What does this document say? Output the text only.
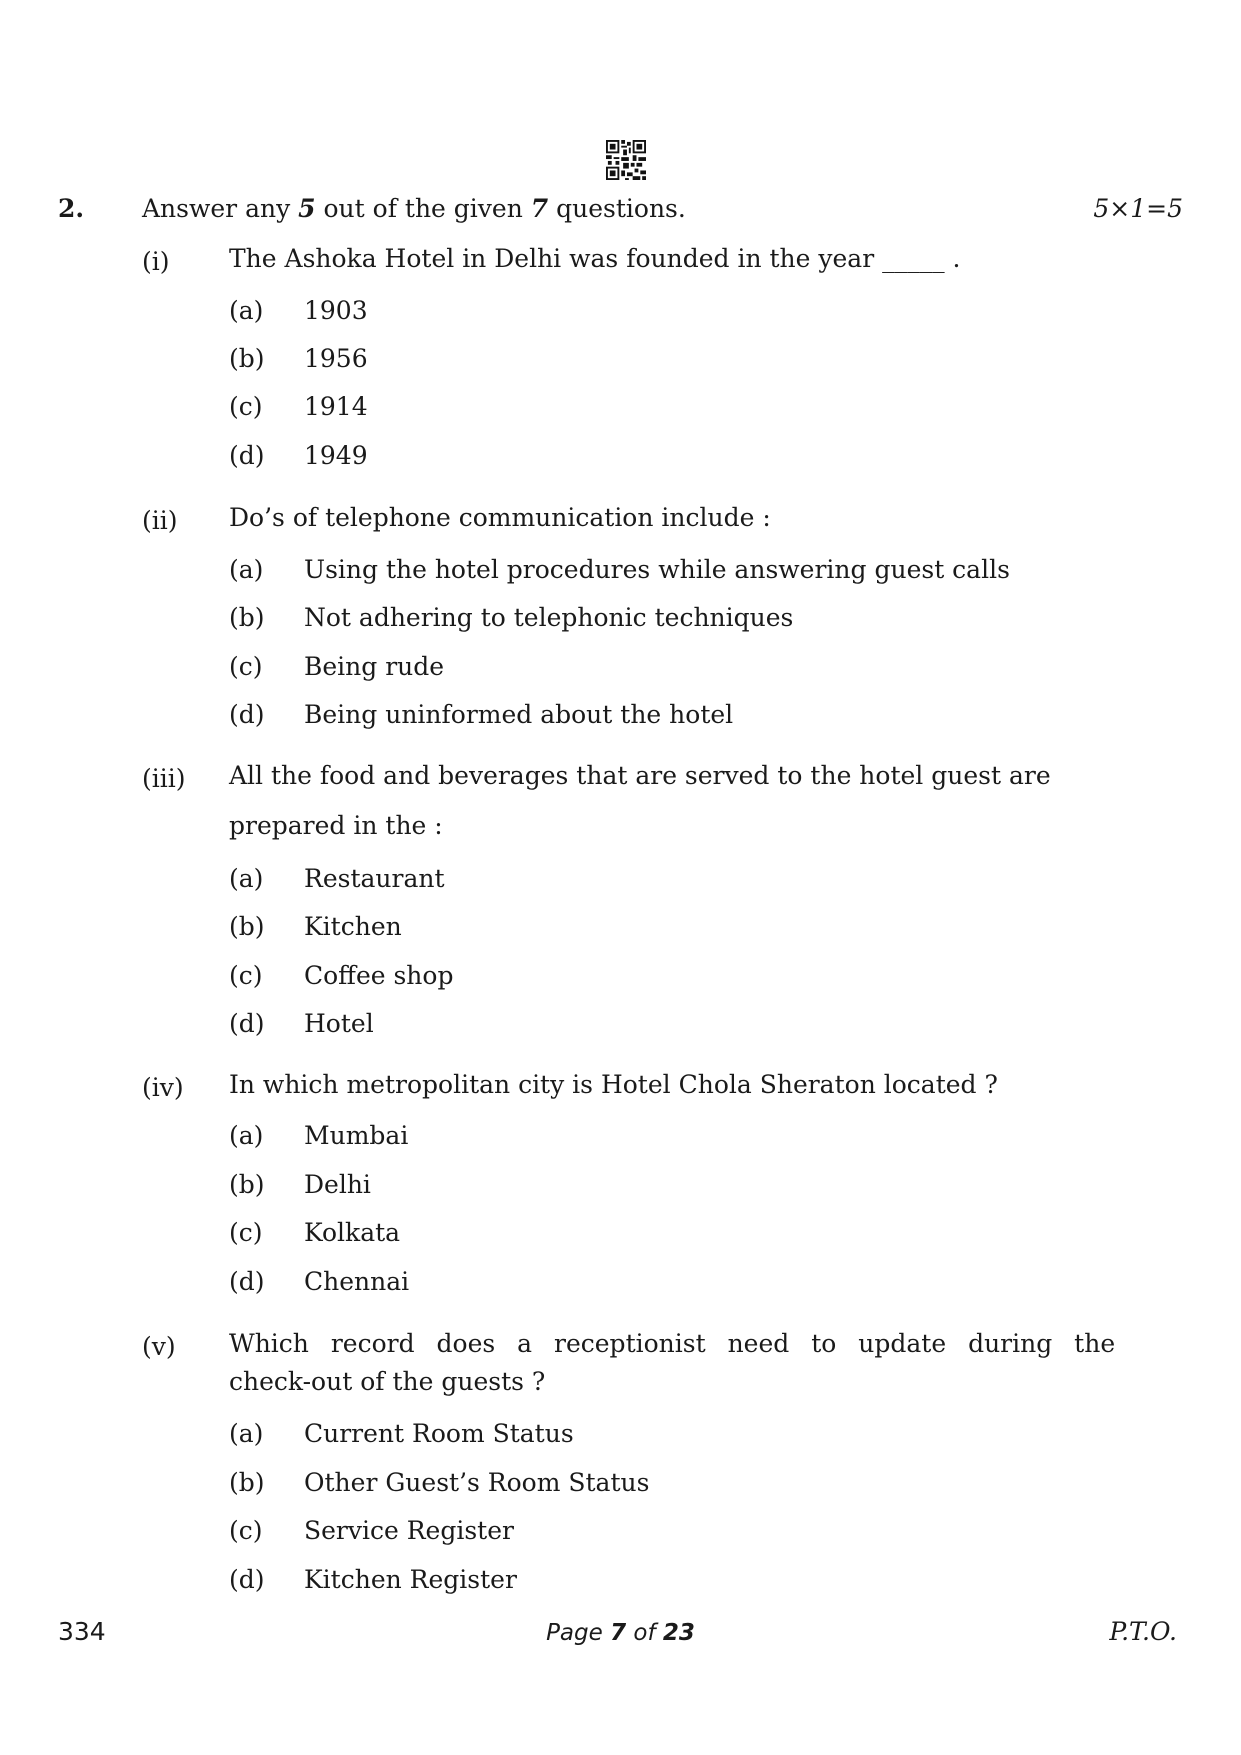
2. Answer any 5 out of the given 7 questions.	5×1=5
(i) The Ashoka Hotel in Delhi was founded in the year _____ .
(a) 1903
(b) 1956
(c) 1914
(d) 1949
(ii) Do’s of telephone communication include :
(a) Using the hotel procedures while answering guest calls
(b) Not adhering to telephonic techniques
(c) Being rude
(d) Being uninformed about the hotel
(iii) All the food and beverages that are served to the hotel guest are
prepared in the :
(a) Restaurant
(b) Kitchen
(c) Coffee shop
(d) Hotel
(iv) In which metropolitan city is Hotel Chola Sheraton located ?
(a) Mumbai
(b) Delhi
(c) Kolkata
(d) Chennai
(v) Which record does a receptionist need to update during the
check-out of the guests ?
(a) Current Room Status
(b) Other Guest’s Room Status
(c) Service Register
(d) Kitchen Register
334	Page 7 of 23	P.T.O.
